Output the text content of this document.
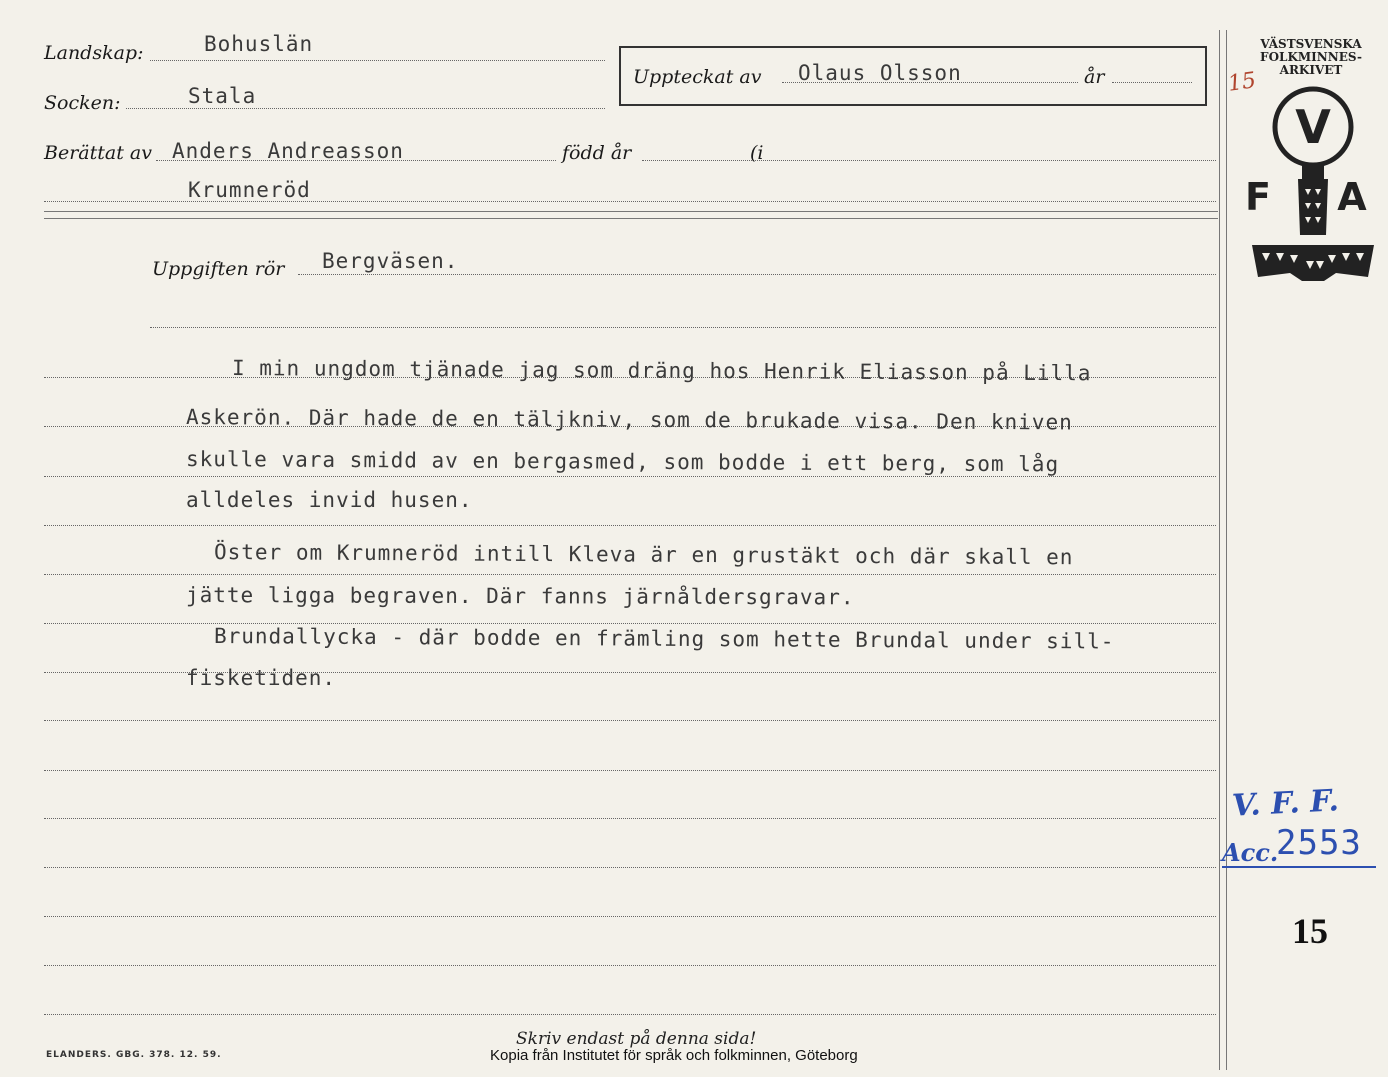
Landskap:	Bohuslän
Socken:	Stala
Uppteckat av Olaus Olsson	år
Berättat av Anders Andreasson	född år	(i
Krumneröd
Uppgiften rör Bergväsen.
I min ungdom tjänade jag som dräng hos Henrik Eliasson på Lilla
Askerön. Där hade de en täljkniv, som de brukade visa. Den kniven
skulle vara smidd av en bergasmed, som bodde i ett berg, som låg
alldeles invid husen.
Öster om Krumneröd intill Kleva är en grustäkt och där skall en
jätte ligga begraven. Där fanns järnåldersgravar.
Brundallycka - där bodde en främling som hette Brundal under sill-
fisketiden.
VÄSTSVENSKA
FOLKMINNES-
ARKIVET
V
F A
15
V. F. F.
Acc.
2553
15
ELANDERS. GBG. 378. 12. 59.
Skriv endast på denna sida!
Kopia från Institutet för språk och folkminnen, Göteborg
